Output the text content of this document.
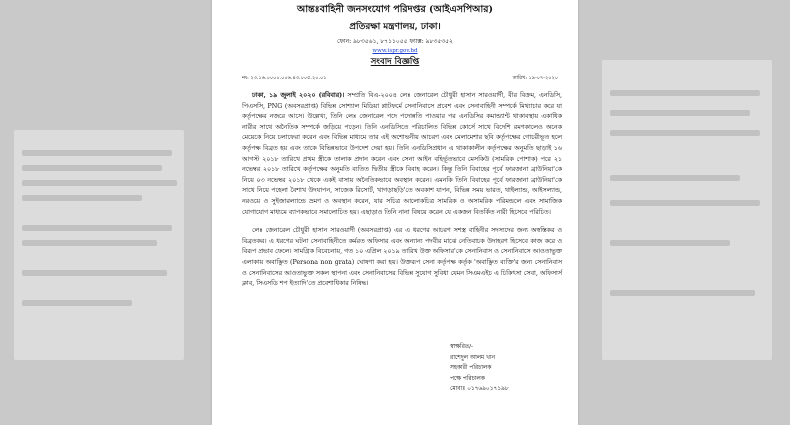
আন্তঃবাহিনী জনসংযোগ পরিদপ্তর (আইএসপিআর)
প্রতিরক্ষা মন্ত্রণালয়, ঢাকা।
ফোন: ৯৮৩৫৬১, ৮৭১১০৫৫ ফ্যাক্স: ৯৮৩৫৩৫২
www.ispr.gov.bd
সংবাদ বিজ্ঞপ্তি
নং: ২৩.১৬.০০০০.০০৬.৪৩.০০৫.২০.০১	তারিখ: ১৯-০৭-২০২০

ঢাকা, ১৯ জুলাই ২০২০ (রবিবার)। সম্প্রতি বিএ-২০০৪ লেঃ জেনারেল চৌধুরী হাসান সারওয়ার্দী, বীর বিক্রম, এনডিসি, পিএসসি, PNG (অবসরপ্রাপ্ত) বিভিন্ন সোশ্যাল মিডিয়া প্লাটফর্মে সেনানিবাসে প্রবেশ এবং সেনাবাহিনী সম্পর্কে মিথ্যাচার করে যা কর্তৃপক্ষের নজরে আসে। উল্লেখ্য, তিনি লেঃ জেনারেল পদে পদোন্নতি পাওয়ার পর এনডিসির কমান্ড্যান্ট থাকাবস্থায় একাধিক নারীর সাথে অনৈতিক সম্পর্কে জড়িয়ে পড়েন। তিনি এনডিসিতে পরিচালিত বিভিন্ন কোর্সে সাথে বিদেশি রমণকালেও অনেক মেয়েকে নিয়ে চলাফেরা করেন এবং বিভিন্ন মাধ্যমে তার এই অশোভনীয় আচরণ এবং মেলামেশার ছবি কর্তৃপক্ষের গোচরীভূত হলে কর্তৃপক্ষ বিব্রত হয় এবং তাকে বিভিন্নভাবে উপদেশ দেয়া হয়। তিনি এনডিসিপ্রধান এ থাকাকালীন কর্তৃপক্ষের অনুমতি ছাড়াই ১৬ আগস্ট ২০১৮ তারিখে প্রথম স্ত্রীকে তালাক প্রদান করেন এবং সেনা আইন বহির্ভূতভাবে মেসকিউ (সামরিক পোশাক) পরে ২১ নভেম্বর ২০১৮ তারিখে কর্তৃপক্ষের অনুমতি ব্যতিত দ্বিতীয় স্ত্রীকে বিবাহ করেন। কিন্তু তিনি বিবাহের পূর্বে ফারজানা ব্রাউনিয়া'কে নিয়ে ০৩ নভেম্বর ২০১৮ থেকে একই বাসায় অনৈতিকভাবে অবস্থান করেন। এমনকি তিনি বিবাহের পূর্বে ফারজানা ব্রাউনিয়া'কে সাথে নিয়ে পহেলা বৈশাখ উদযাপন, সাজেক রিসোর্ট, খাগড়াছড়ি'তে অবকাশ যাপন, বিভিন্ন সময় ভারত, থাইল্যান্ড, আইসল্যান্ড, নরওয়ে ও সুইজারল্যান্ডে ভ্রমণ ও অবস্থান করেন, যার সচিত্র আলোকচিত্র সামরিক ও অসামরিক পরিমন্ডলে এবং সামাজিক যোগাযোগ মাধ্যমে ব্যাপকভাবে সমালোচিত হয়। এছাড়াও তিনি নানা বিষয়ে করেন যে একজন বিতর্কিত নারী হিসেবে পরিচিত।

লেঃ জেনারেল চৌধুরী হাসান সারওয়ার্দী (অবসরপ্রাপ্ত) এর এ ধরণের আচরণ সশস্ত্র বাহিনীর সদস্যদের জন্য অস্বস্তিকর ও বিব্রতকর। এ ধরণের ঘটনা সেনাবাহিনীতে কর্মরত অফিসার এবং অন্যান্য পদবীর মাঝে নেতিবাচক উদাহরণ হিসেবে কাজ করে ও বিরূপ প্রভাব ফেলে। সামগ্রিক বিবেচনায়, গত ১০ এপ্রিল ২০১৯ তারিখ উক্ত অফিসার'কে সেনানিবাস ও সেনানিবাসে আওতাভুক্ত এলাকায় অবাঞ্ছিত (Persona non grata) ঘোষণা করা হয়। উক্তরূপ সেনা কর্তৃপক্ষ কর্তৃক 'অবাঞ্ছিত ব্যক্তি'র জন্য সেনানিবাস ও সেনানিবাসের আওতাভুক্ত সকল স্থাপনা এবং সেনানিবাসের বিভিন্ন সুযোগ সুবিধা যেমন সিএমএইচ এ চিকিৎসা সেবা, অফিসার্স ক্লাব, সিএসডি শপ ইত্যাদি'তে প্রবেশাধিকার নিষিদ্ধ।

স্বাক্ষরিত/-
রাশেদুল আলম খান
সহকারী পরিচালক
পক্ষে পরিচালক
মোবাঃ ০১৭৬৯০১৭১৯৮
